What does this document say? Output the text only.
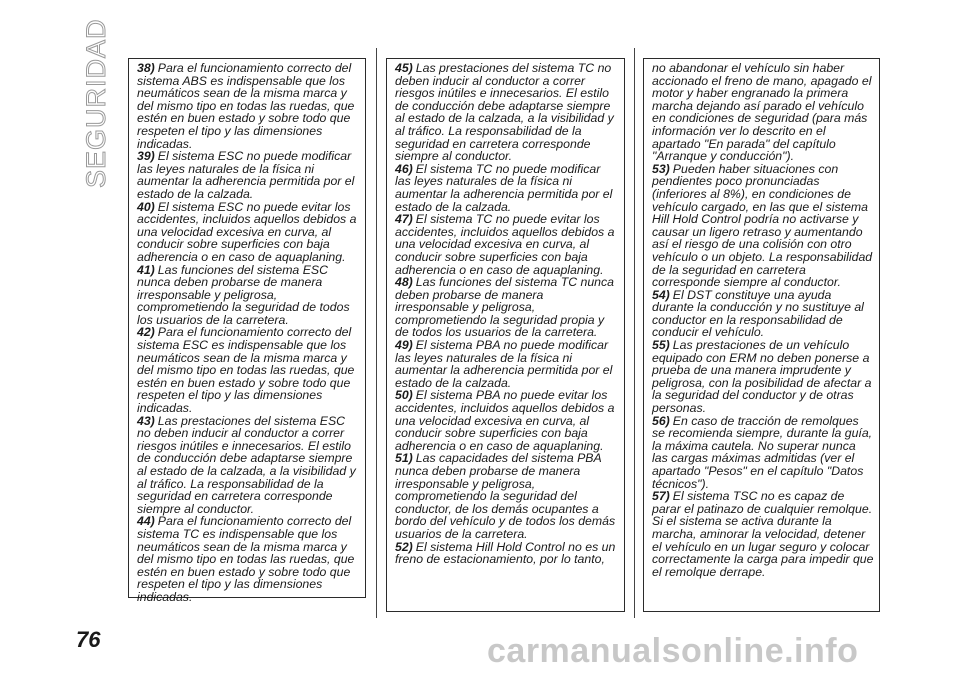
SEGURIDAD 38) Para el funcionamiento correcto del sistema ABS es indispensable que los neumáticos sean de la misma marca y del mismo tipo en todas las ruedas, que estén en buen estado y sobre todo que respeten el tipo y las dimensiones indicadas.

39) El sistema ESC no puede modificar las leyes naturales de la física ni aumentar la adherencia permitida por el estado de la calzada.

40) El sistema ESC no puede evitar los accidentes, incluidos aquellos debidos a una velocidad excesiva en curva, al conducir sobre superficies con baja adherencia o en caso de aquaplaning.

41) Las funciones del sistema ESC nunca deben probarse de manera irresponsable y peligrosa, comprometiendo la seguridad de todos los usuarios de la carretera.

42) Para el funcionamiento correcto del sistema ESC es indispensable que los neumáticos sean de la misma marca y del mismo tipo en todas las ruedas, que estén en buen estado y sobre todo que respeten el tipo y las dimensiones indicadas.

43) Las prestaciones del sistema ESC no deben inducir al conductor a correr riesgos inútiles e innecesarios. El estilo de conducción debe adaptarse siempre al estado de la calzada, a la visibilidad y al tráfico. La responsabilidad de la seguridad en carretera corresponde siempre al conductor.

44) Para el funcionamiento correcto del sistema TC es indispensable que los neumáticos sean de la misma marca y del mismo tipo en todas las ruedas, que estén en buen estado y sobre todo que respeten el tipo y las dimensiones indicadas.

45) Las prestaciones del sistema TC no deben inducir al conductor a correr riesgos inútiles e innecesarios. El estilo de conducción debe adaptarse siempre al estado de la calzada, a la visibilidad y al tráfico. La responsabilidad de la seguridad en carretera corresponde siempre al conductor.

46) El sistema TC no puede modificar las leyes naturales de la física ni aumentar la adherencia permitida por el estado de la calzada.

47) El sistema TC no puede evitar los accidentes, incluidos aquellos debidos a una velocidad excesiva en curva, al conducir sobre superficies con baja adherencia o en caso de aquaplaning.

48) Las funciones del sistema TC nunca deben probarse de manera irresponsable y peligrosa, comprometiendo la seguridad propia y de todos los usuarios de la carretera.

49) El sistema PBA no puede modificar las leyes naturales de la física ni aumentar la adherencia permitida por el estado de la calzada.

50) El sistema PBA no puede evitar los accidentes, incluidos aquellos debidos a una velocidad excesiva en curva, al conducir sobre superficies con baja adherencia o en caso de aquaplaning.

51) Las capacidades del sistema PBA nunca deben probarse de manera irresponsable y peligrosa, comprometiendo la seguridad del conductor, de los demás ocupantes a bordo del vehículo y de todos los demás usuarios de la carretera.

52) El sistema Hill Hold Control no es un freno de estacionamiento, por lo tanto,

no abandonar el vehículo sin haber accionado el freno de mano, apagado el motor y haber engranado la primera marcha dejando así parado el vehículo en condiciones de seguridad (para más información ver lo descrito en el apartado "En parada" del capítulo "Arranque y conducción").

53) Pueden haber situaciones con pendientes poco pronunciadas (inferiores al 8%), en condiciones de vehículo cargado, en las que el sistema Hill Hold Control podría no activarse y causar un ligero retraso y aumentando así el riesgo de una colisión con otro vehículo o un objeto. La responsabilidad de la seguridad en carretera corresponde siempre al conductor.

54) El DST constituye una ayuda durante la conducción y no sustituye al conductor en la responsabilidad de conducir el vehículo.

55) Las prestaciones de un vehículo equipado con ERM no deben ponerse a prueba de una manera imprudente y peligrosa, con la posibilidad de afectar a la seguridad del conductor y de otras personas.

56) En caso de tracción de remolques se recomienda siempre, durante la guía, la máxima cautela. No superar nunca las cargas máximas admitidas (ver el apartado "Pesos" en el capítulo "Datos técnicos").

57) El sistema TSC no es capaz de parar el patinazo de cualquier remolque. Si el sistema se activa durante la marcha, aminorar la velocidad, detener el vehículo en un lugar seguro y colocar correctamente la carga para impedir que el remolque derrape.

76	carmanualsonline.info
